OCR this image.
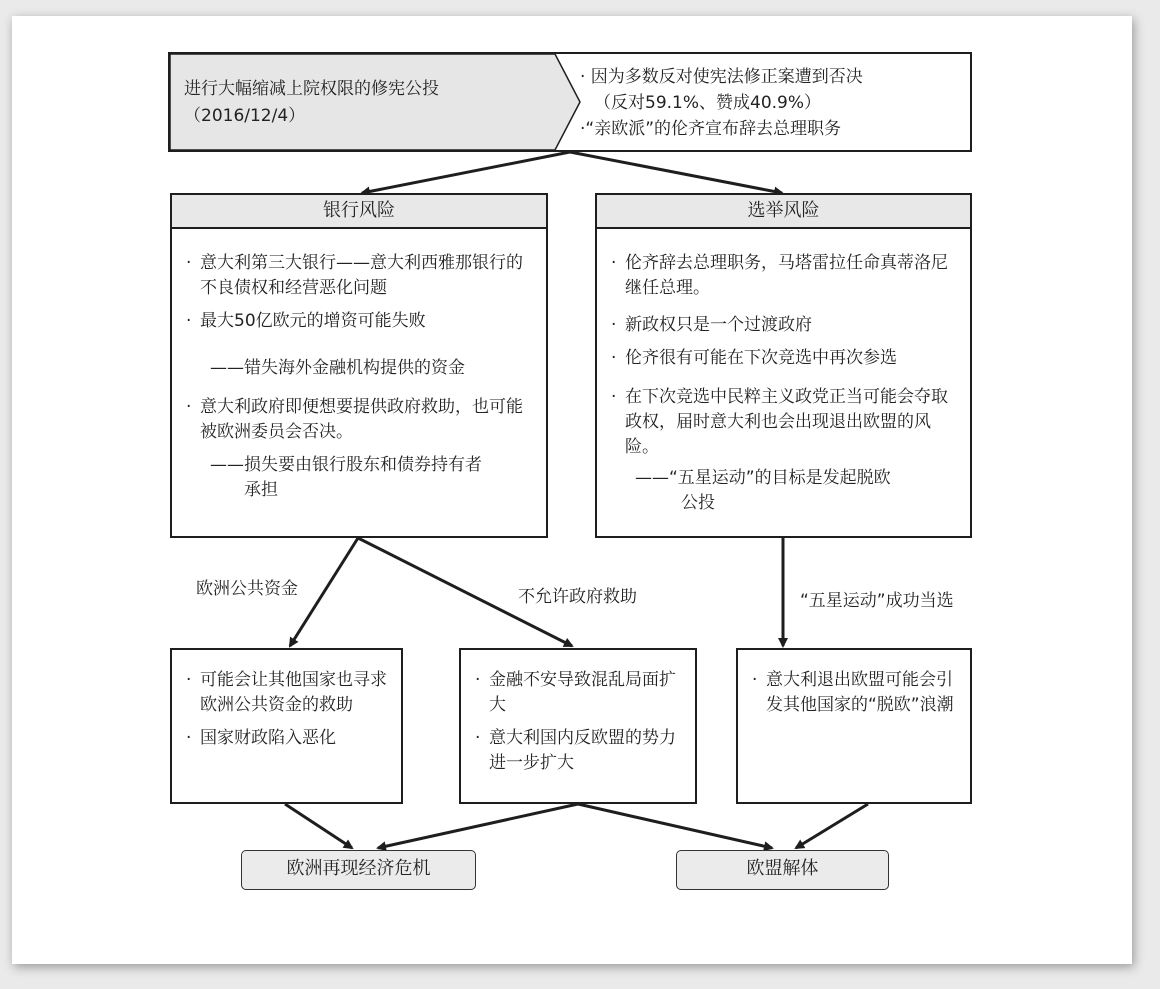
进行大幅缩减上院权限的修宪公投
（2016/12/4）
· 因为多数反对使宪法修正案遭到否决
（反对59.1%、赞成40.9%）
·“亲欧派”的伦齐宣布辞去总理职务
银行风险
· 意大利第三大银行——意大利西雅那银行的不良债权和经营恶化问题
· 最大50亿欧元的增资可能失败
——错失海外金融机构提供的资金
· 意大利政府即便想要提供政府救助，也可能被欧洲委员会否决。
——损失要由银行股东和债券持有者
承担
选举风险
· 伦齐辞去总理职务，马塔雷拉任命真蒂洛尼继任总理。
· 新政权只是一个过渡政府
· 伦齐很有可能在下次竞选中再次参选
· 在下次竞选中民粹主义政党正当可能会夺取政权，届时意大利也会出现退出欧盟的风险。
——“五星运动”的目标是发起脱欧
公投
欧洲公共资金	不允许政府救助	“五星运动”成功当选
· 可能会让其他国家也寻求欧洲公共资金的救助
· 国家财政陷入恶化
· 金融不安导致混乱局面扩大
· 意大利国内反欧盟的势力进一步扩大
· 意大利退出欧盟可能会引发其他国家的“脱欧”浪潮
欧洲再现经济危机	欧盟解体
